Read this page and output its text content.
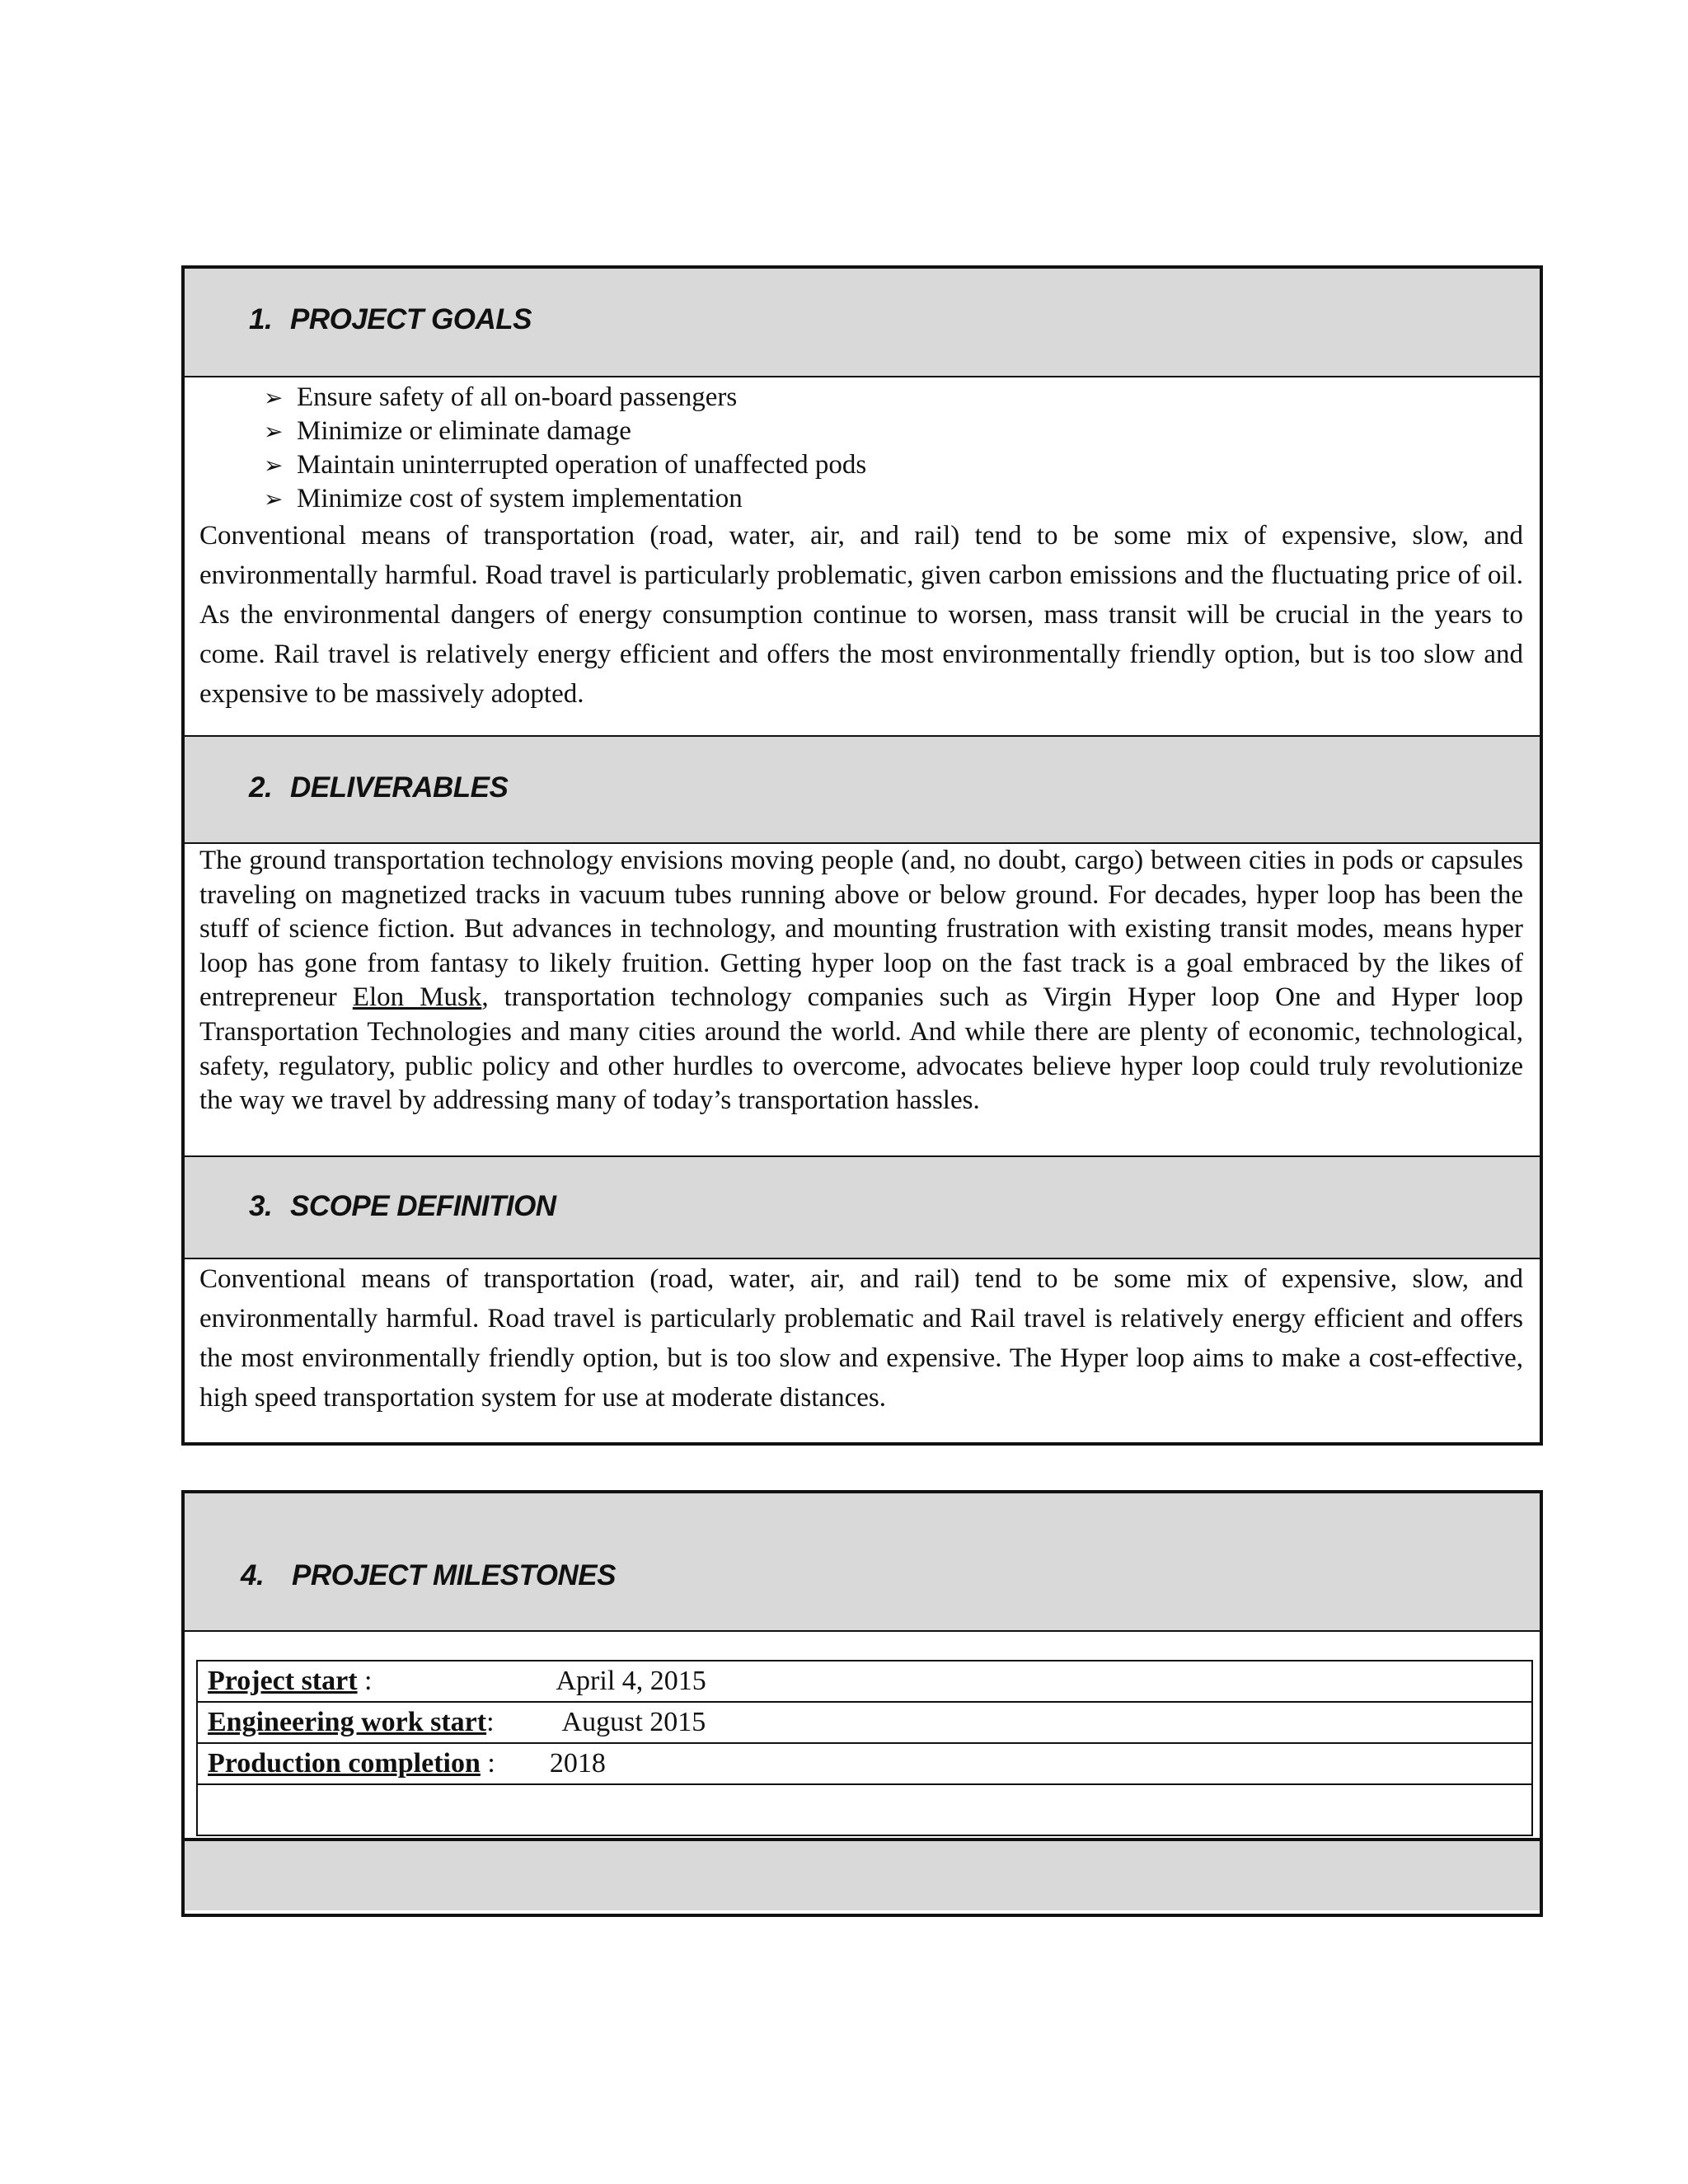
1. PROJECT GOALS
➢ Ensure safety of all on-board passengers
➢ Minimize or eliminate damage
➢ Maintain uninterrupted operation of unaffected pods
➢ Minimize cost of system implementation

Conventional means of transportation (road, water, air, and rail) tend to be some mix of expensive, slow, and environmentally harmful. Road travel is particularly problematic, given carbon emissions and the fluctuating price of oil. As the environmental dangers of energy consumption continue to worsen, mass transit will be crucial in the years to come. Rail travel is relatively energy efficient and offers the most environmentally friendly option, but is too slow and expensive to be massively adopted.

2. DELIVERABLES

The ground transportation technology envisions moving people (and, no doubt, cargo) between cities in pods or capsules traveling on magnetized tracks in vacuum tubes running above or below ground. For decades, hyper loop has been the stuff of science fiction. But advances in technology, and mounting frustration with existing transit modes, means hyper loop has gone from fantasy to likely fruition. Getting hyper loop on the fast track is a goal embraced by the likes of entrepreneur Elon Musk, transportation technology companies such as Virgin Hyper loop One and Hyper loop Transportation Technologies and many cities around the world. And while there are plenty of economic, technological, safety, regulatory, public policy and other hurdles to overcome, advocates believe hyper loop could truly revolutionize the way we travel by addressing many of today’s transportation hassles.

3. SCOPE DEFINITION

Conventional means of transportation (road, water, air, and rail) tend to be some mix of expensive, slow, and environmentally harmful. Road travel is particularly problematic and Rail travel is relatively energy efficient and offers the most environmentally friendly option, but is too slow and expensive. The Hyper loop aims to make a cost-effective, high speed transportation system for use at moderate distances.

4. PROJECT MILESTONES
Project start :	April 4, 2015
Engineering work start: August 2015
Production completion : 2018
